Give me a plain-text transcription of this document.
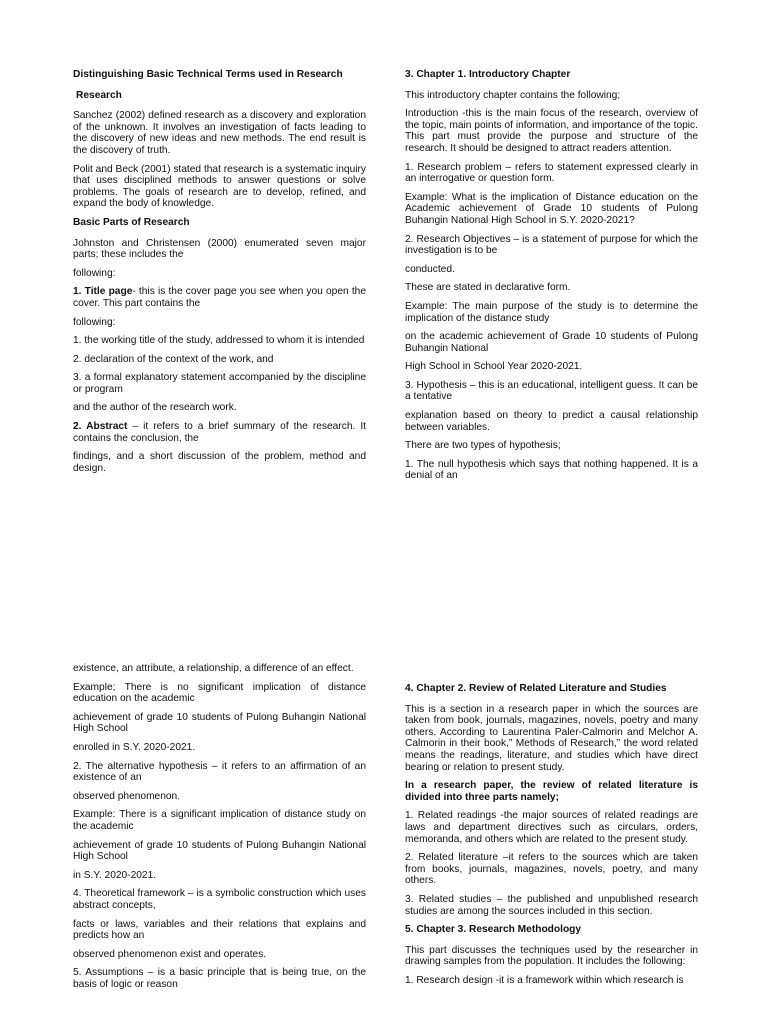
Distinguishing Basic Technical Terms used in Research

Research

Sanchez (2002) defined research as a discovery and exploration of the unknown. It involves an investigation of facts leading to the discovery of new ideas and new methods. The end result is the discovery of truth.

Polit and Beck (2001) stated that research is a systematic inquiry that uses disciplined methods to answer questions or solve problems. The goals of research are to develop, refined, and expand the body of knowledge.

Basic Parts of Research

Johnston and Christensen (2000) enumerated seven major parts; these includes the

following:

1. Title page- this is the cover page you see when you open the cover. This part contains the

following:

1. the working title of the study, addressed to whom it is intended

2. declaration of the context of the work, and

3. a formal explanatory statement accompanied by the discipline or program

and the author of the research work.

2. Abstract – it refers to a brief summary of the research. It contains the conclusion, the

findings, and a short discussion of the problem, method and design.

3. Chapter 1. Introductory Chapter

This introductory chapter contains the following;

Introduction -this is the main focus of the research, overview of the topic, main points of information, and importance of the topic. This part must provide the purpose and structure of the research. It should be designed to attract readers attention.

1. Research problem – refers to statement expressed clearly in an interrogative or question form.

Example: What is the implication of Distance education on the Academic achievement of Grade 10 students of Pulong Buhangin National High School in S.Y. 2020-2021?

2. Research Objectives – is a statement of purpose for which the investigation is to be

conducted.

These are stated in declarative form.

Example: The main purpose of the study is to determine the implication of the distance study

on the academic achievement of Grade 10 students of Pulong Buhangin National

High School in School Year 2020-2021.

3. Hypothesis – this is an educational, intelligent guess. It can be a tentative

explanation based on theory to predict a causal relationship between variables.

There are two types of hypothesis;

1. The null hypothesis which says that nothing happened. It is a denial of an

existence, an attribute, a relationship, a difference of an effect.

Example; There is no significant implication of distance education on the academic

achievement of grade 10 students of Pulong Buhangin National High School

enrolled in S.Y. 2020-2021.

2. The alternative hypothesis – it refers to an affirmation of an existence of an

observed phenomenon.

Example: There is a significant implication of distance study on the academic

achievement of grade 10 students of Pulong Buhangin National High School

in S.Y. 2020-2021.

4. Theoretical framework – is a symbolic construction which uses abstract concepts,

facts or laws, variables and their relations that explains and predicts how an

observed phenomenon exist and operates.

5. Assumptions – is a basic principle that is being true, on the basis of logic or reason

4. Chapter 2. Review of Related Literature and Studies

This is a section in a research paper in which the sources are taken from book, journals, magazines, novels, poetry and many others. According to Laurentina Paler-Calmorin and Melchor A. Calmorin in their book,” Methods of Research,” the word related means the readings, literature, and studies which have direct bearing or relation to present study.

In a research paper, the review of related literature is divided into three parts namely;

1. Related readings -the major sources of related readings are laws and department directives such as circulars, orders, memoranda, and others which are related to the present study.

2. Related literature –it refers to the sources which are taken from books, journals, magazines, novels, poetry, and many others.

3. Related studies – the published and unpublished research studies are among the sources included in this section.

5. Chapter 3. Research Methodology

This part discusses the techniques used by the researcher in drawing samples from the population. It includes the following:

1. Research design -it is a framework within which research is
